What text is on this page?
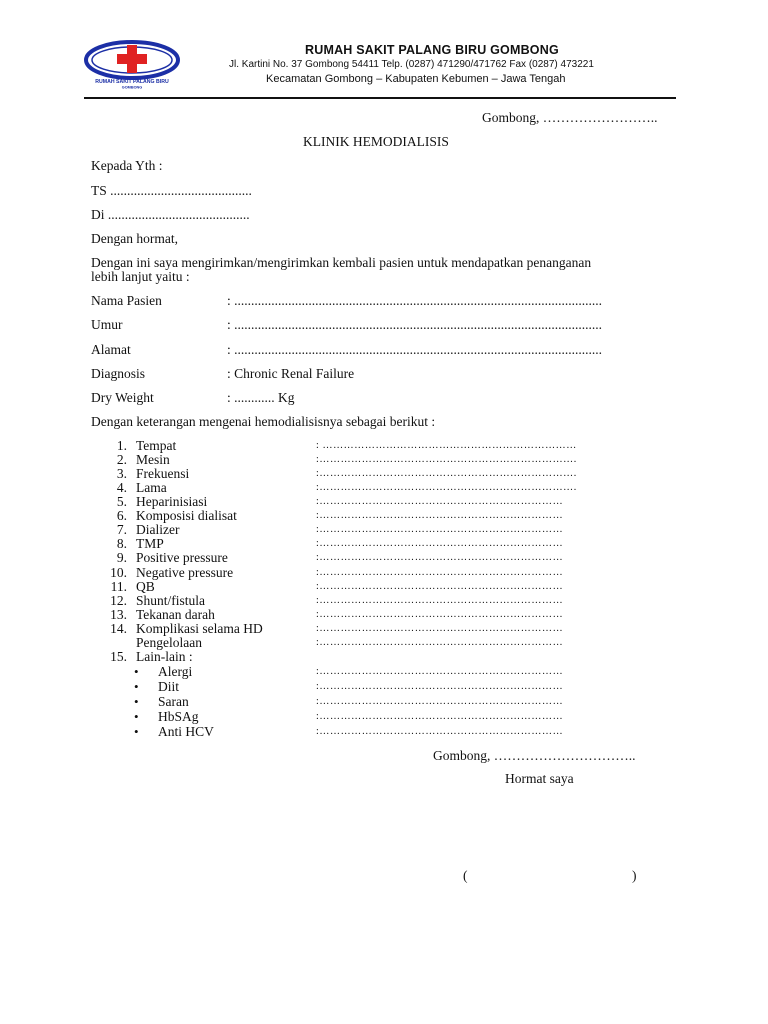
RUMAH SAKIT PALANG BIRU
GOMBONG
RUMAH SAKIT PALANG BIRU GOMBONG
Jl. Kartini No. 37 Gombong 54411 Telp. (0287) 471290/471762 Fax (0287) 473221
Kecamatan Gombong – Kabupaten Kebumen – Jawa Tengah
Gombong, ……………………..
KLINIK HEMODIALISIS
Kepada Yth :
TS ..........................................
Di ..........................................
Dengan hormat,
Dengan ini saya mengirimkan/mengirimkan kembali pasien untuk mendapatkan penanganan
lebih lanjut yaitu :
Nama Pasien	: .............................................................................................................
Umur	: .............................................................................................................
Alamat	: .............................................................................................................
Diagnosis	: Chronic Renal Failure
Dry Weight	: ............ Kg
Dengan keterangan mengenai hemodialisisnya sebagai berikut :
1. Tempat	: ………………………………………………………………
2. Mesin	:……………………………………………………………….
3. Frekuensi	:……………………………………………………………….
4. Lama	:……………………………………………………………….
5. Heparinisiasi	:……………………………………………………………
6. Komposisi dialisat	:……………………………………………………………
7. Dializer	:……………………………………………………………
8. TMP	:……………………………………………………………
9. Positive pressure	:……………………………………………………………
10. Negative pressure	:……………………………………………………………
11. QB	:……………………………………………………………
12. Shunt/fistula	:……………………………………………………………
13. Tekanan darah	:……………………………………………………………
14. Komplikasi selama HD	:……………………………………………………………
Pengelolaan	:……………………………………………………………
15. Lain-lain :
• Alergi	:……………………………………………………………
• Diit	:……………………………………………………………
• Saran	:……………………………………………………………
• HbSAg	:……………………………………………………………
• Anti HCV	:……………………………………………………………
Gombong, …………………………..
Hormat saya
(	)
